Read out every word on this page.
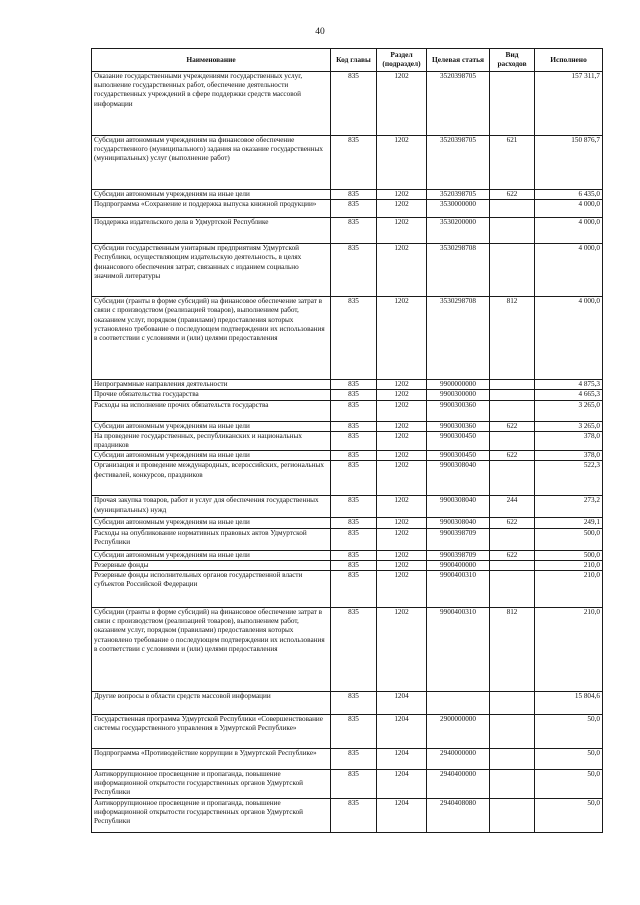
40
Наименование	Код главы	Раздел (подраздел)	Целевая статья	Вид расходов	Исполнено
Оказание государственными учреждениями государственных услуг, выполнение государственных работ, обеспечение деятельности государственных учреждений в сфере поддержки средств массовой информации	835	1202	3520398705		157 311,7
Субсидии автономным учреждениям на финансовое обеспечение государственного (муниципального) задания на оказание государственных (муниципальных) услуг (выполнение работ)	835	1202	3520398705	621	150 876,7
Субсидии автономным учреждениям на иные цели	835	1202	3520398705	622	6 435,0
Подпрограмма «Сохранение и поддержка выпуска книжной продукции»	835	1202	3530000000		4 000,0
Поддержка издательского дела в Удмуртской Республике	835	1202	3530200000		4 000,0
Субсидии государственным унитарным предприятиям Удмуртской Республики, осуществляющим издательскую деятельность, в целях финансового обеспечения затрат, связанных с изданием социально значимой литературы	835	1202	3530298708		4 000,0
Субсидии (гранты в форме субсидий) на финансовое обеспечение затрат в связи с производством (реализацией товаров), выполнением работ, оказанием услуг, порядком (правилами) предоставления которых установлено требование о последующем подтверждении их использования в соответствии с условиями и (или) целями предоставления	835	1202	3530298708	812	4 000,0
Непрограммные направления деятельности	835	1202	9900000000		4 875,3
Прочие обязательства государства	835	1202	9900300000		4 665,3
Расходы на исполнение прочих обязательств государства	835	1202	9900300360		3 265,0
Субсидии автономным учреждениям на иные цели	835	1202	9900300360	622	3 265,0
На проведение государственных, республиканских и национальных праздников	835	1202	9900300450		378,0
Субсидии автономным учреждениям на иные цели	835	1202	9900300450	622	378,0
Организация и проведение международных, всероссийских, региональных фестивалей, конкурсов, праздников	835	1202	9900308040		522,3
Прочая закупка товаров, работ и услуг для обеспечения государственных (муниципальных) нужд	835	1202	9900308040	244	273,2
Субсидии автономным учреждениям на иные цели	835	1202	9900308040	622	249,1
Расходы на опубликование нормативных правовых актов Удмуртской Республики	835	1202	9900398709		500,0
Субсидии автономным учреждениям на иные цели	835	1202	9900398709	622	500,0
Резервные фонды	835	1202	9900400000		210,0
Резервные фонды исполнительных органов государственной власти субъектов Российской Федерации	835	1202	9900400310		210,0
Субсидии (гранты в форме субсидий) на финансовое обеспечение затрат в связи с производством (реализацией товаров), выполнением работ, оказанием услуг, порядком (правилами) предоставления которых установлено требование о последующем подтверждении их использования в соответствии с условиями и (или) целями предоставления	835	1202	9900400310	812	210,0
Другие вопросы в области средств массовой информации	835	1204			15 804,6
Государственная программа Удмуртской Республики «Совершенствование системы государственного управления в Удмуртской Республике»	835	1204	2900000000		50,0
Подпрограмма «Противодействие коррупции в Удмуртской Республике»	835	1204	2940000000		50,0
Антикоррупционное просвещение и пропаганда, повышение информационной открытости государственных органов Удмуртской Республики	835	1204	2940400000		50,0
Антикоррупционное просвещение и пропаганда, повышение информационной открытости государственных органов Удмуртской Республики	835	1204	2940408080		50,0
